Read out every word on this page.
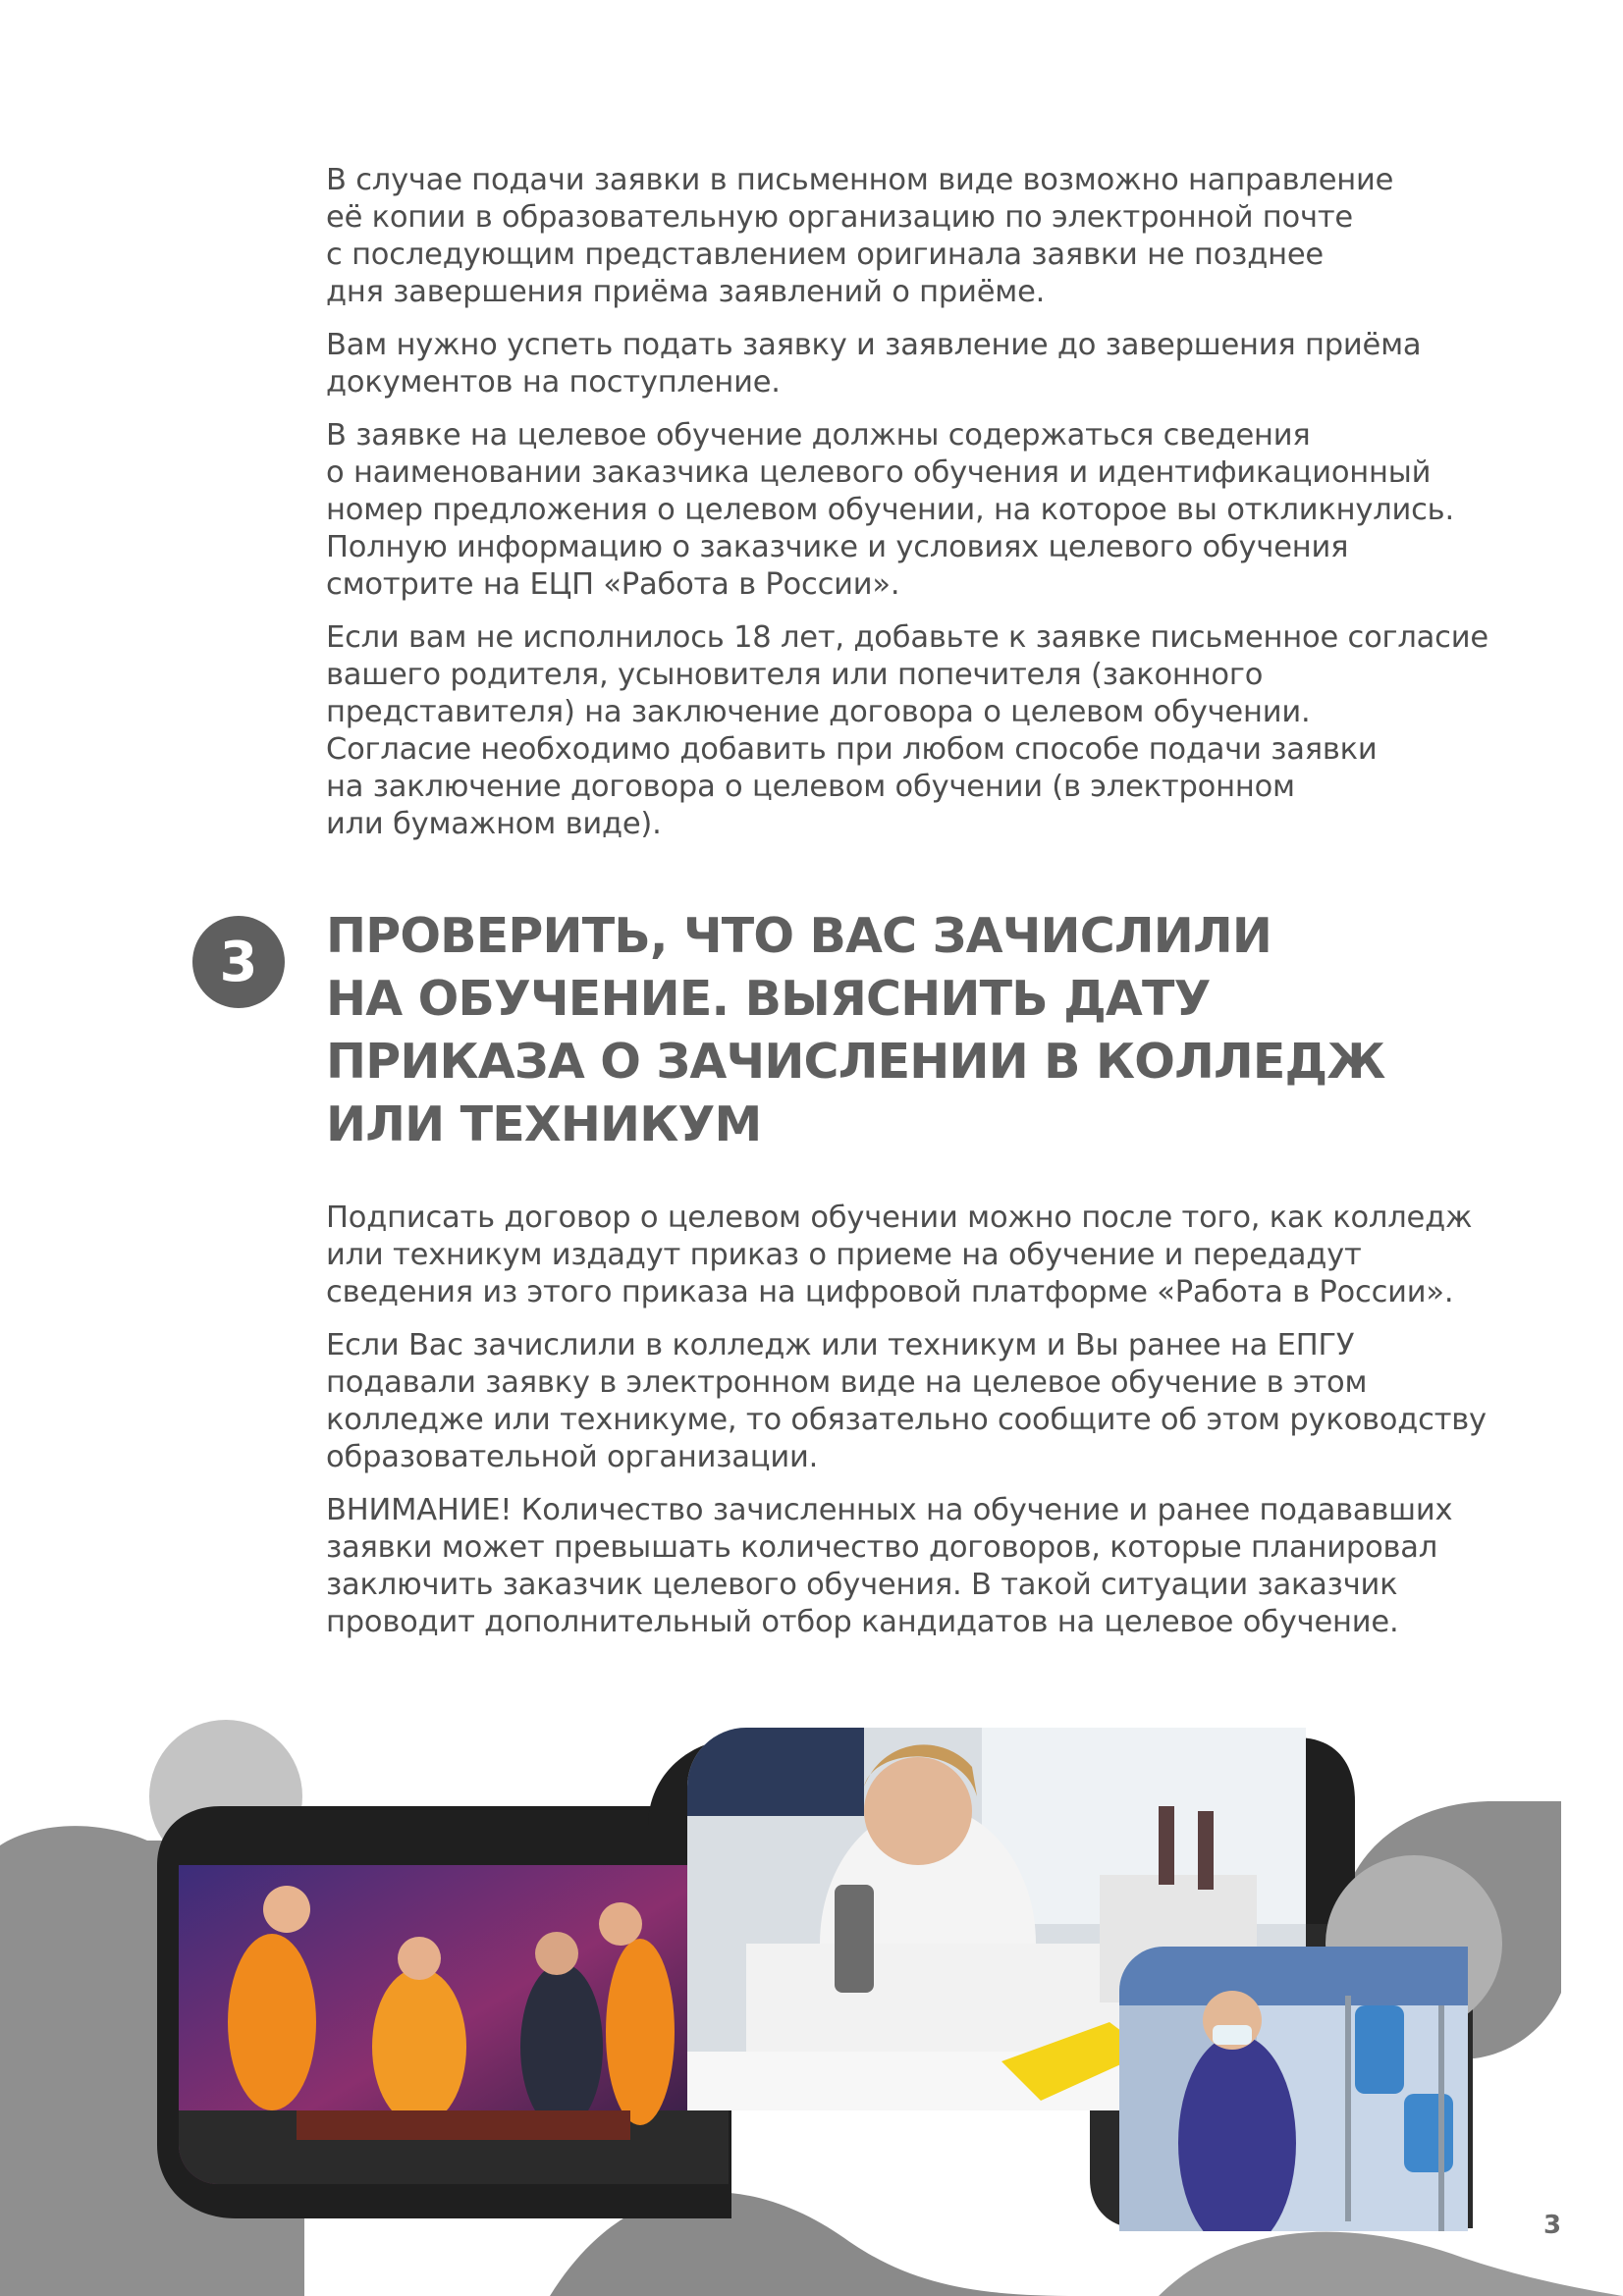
В случае подачи заявки в письменном виде возможно направление
её копии в образовательную организацию по электронной почте
с последующим представлением оригинала заявки не позднее
дня завершения приёма заявлений о приёме.

Вам нужно успеть подать заявку и заявление до завершения приёма
документов на поступление.

В заявке на целевое обучение должны содержаться сведения
о наименовании заказчика целевого обучения и идентификационный
номер предложения о целевом обучении, на которое вы откликнулись.
Полную информацию о заказчике и условиях целевого обучения
смотрите на ЕЦП «Работа в России».

Если вам не исполнилось 18 лет, добавьте к заявке письменное согласие
вашего родителя, усыновителя или попечителя (законного
представителя) на заключение договора о целевом обучении.
Согласие необходимо добавить при любом способе подачи заявки
на заключение договора о целевом обучении (в электронном
или бумажном виде).

3	ПРОВЕРИТЬ, ЧТО ВАС ЗАЧИСЛИЛИ
НА ОБУЧЕНИЕ. ВЫЯСНИТЬ ДАТУ
ПРИКАЗА О ЗАЧИСЛЕНИИ В КОЛЛЕДЖ
ИЛИ ТЕХНИКУМ

Подписать договор о целевом обучении можно после того, как колледж
или техникум издадут приказ о приеме на обучение и передадут
сведения из этого приказа на цифровой платформе «Работа в России».

Если Вас зачислили в колледж или техникум и Вы ранее на ЕПГУ
подавали заявку в электронном виде на целевое обучение в этом
колледже или техникуме, то обязательно сообщите об этом руководству
образовательной организации.

ВНИМАНИЕ! Количество зачисленных на обучение и ранее подававших
заявки может превышать количество договоров, которые планировал
заключить заказчик целевого обучения. В такой ситуации заказчик
проводит дополнительный отбор кандидатов на целевое обучение.

3
